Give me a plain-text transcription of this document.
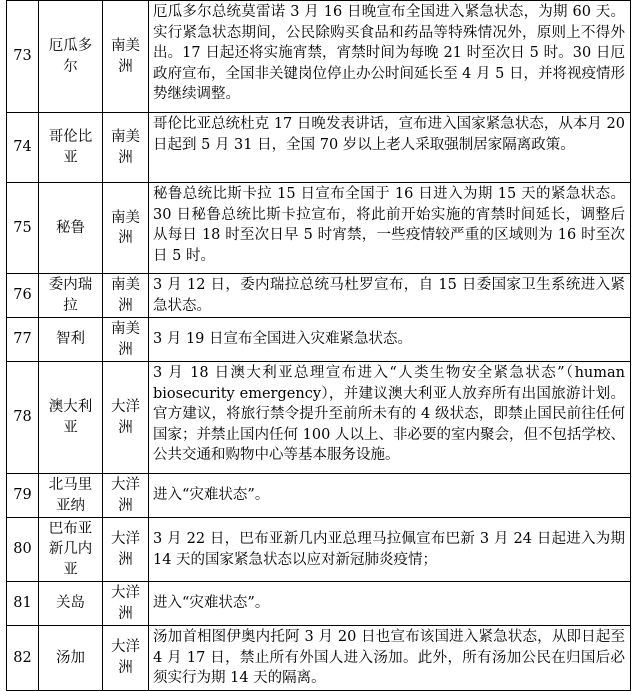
73	厄瓜多尔	南美洲	厄瓜多尔总统莫雷诺 3 月 16 日晚宣布全国进入紧急状态，为期 60 天。实行紧急状态期间，公民除购买食品和药品等特殊情况外，原则上不得外出。17 日起还将实施宵禁，宵禁时间为每晚 21 时至次日 5 时。30 日厄政府宣布，全国非关键岗位停止办公时间延长至 4 月 5 日，并将视疫情形势继续调整。
74	哥伦比亚	南美洲	哥伦比亚总统杜克 17 日晚发表讲话，宣布进入国家紧急状态，从本月 20 日起到 5 月 31 日，全国 70 岁以上老人采取强制居家隔离政策。
75	秘鲁	南美洲	秘鲁总统比斯卡拉 15 日宣布全国于 16 日进入为期 15 天的紧急状态。 30 日秘鲁总统比斯卡拉宣布，将此前开始实施的宵禁时间延长，调整后从每日 18 时至次日早 5 时宵禁，一些疫情较严重的区域则为 16 时至次日 5 时。
76	委内瑞拉	南美洲	3 月 12 日，委内瑞拉总统马杜罗宣布，自 15 日委国家卫生系统进入紧急状态。
77	智利	南美洲	3 月 19 日宣布全国进入灾难紧急状态。
78	澳大利亚	大洋洲	3 月 18 日澳大利亚总理宣布进入“人类生物安全紧急状态”（human biosecurity emergency），并建议澳大利亚人放弃所有出国旅游计划。官方建议，将旅行禁令提升至前所未有的 4 级状态，即禁止国民前往任何国家；并禁止国内任何 100 人以上、非必要的室内聚会，但不包括学校、公共交通和购物中心等基本服务设施。
79	北马里亚纳	大洋洲	进入“灾难状态”。
80	巴布亚新几内亚	大洋洲	3 月 22 日，巴布亚新几内亚总理马拉佩宣布巴新 3 月 24 日起进入为期 14 天的国家紧急状态以应对新冠肺炎疫情；
81	关岛	大洋洲	进入“灾难状态”。
82	汤加	大洋洲	汤加首相图伊奥内托阿 3 月 20 日也宣布该国进入紧急状态，从即日起至 4 月 17 日，禁止所有外国人进入汤加。此外，所有汤加公民在归国后必须实行为期 14 天的隔离。
